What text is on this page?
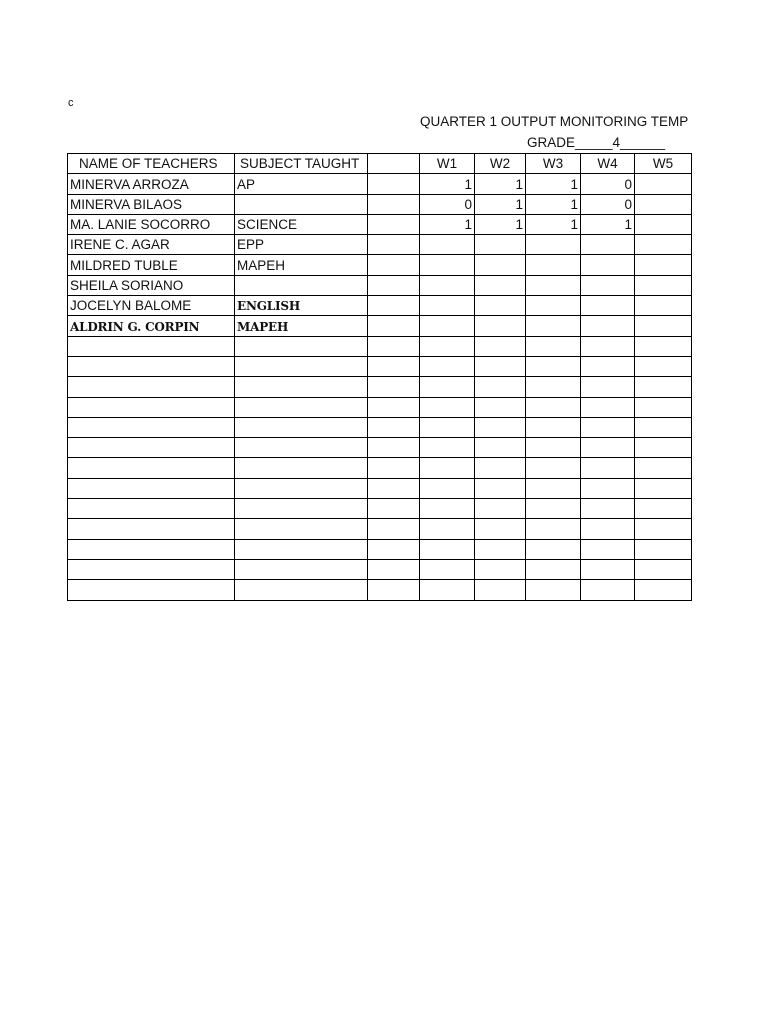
c
QUARTER 1 OUTPUT MONITORING TEMP
GRADE_____4______
NAME OF TEACHERS	SUBJECT TAUGHT		W1	W2	W3	W4	W5
MINERVA ARROZA	AP		1	1	1	0	
MINERVA BILAOS			0	1	1	0	
MA. LANIE SOCORRO	SCIENCE		1	1	1	1	
IRENE C. AGAR	EPP						
MILDRED TUBLE	MAPEH						
SHEILA SORIANO							
JOCELYN BALOME	ENGLISH						
ALDRIN G. CORPIN	MAPEH						
